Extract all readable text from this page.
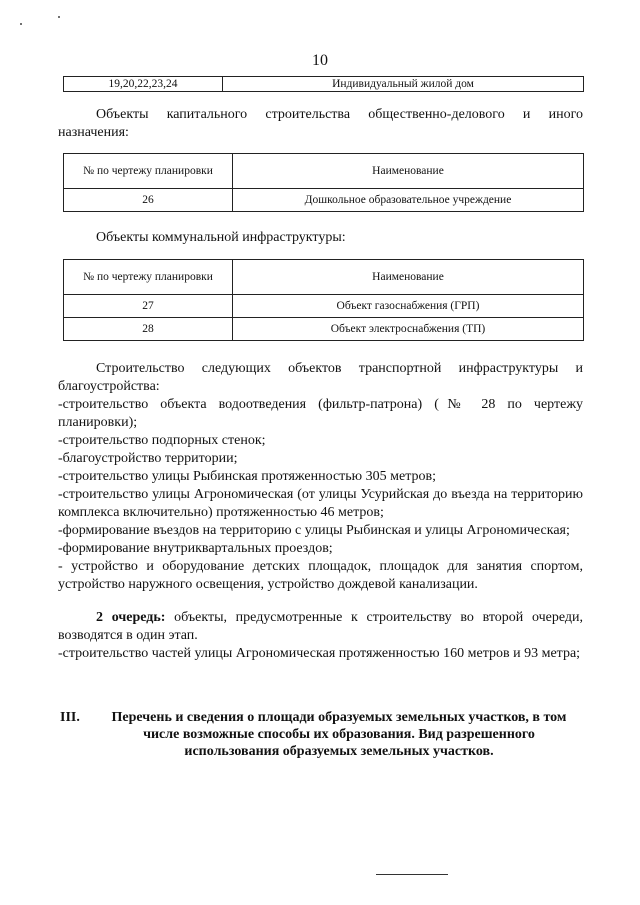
10
19,20,22,23,24	Индивидуальный жилой дом
Объекты капитального строительства общественно-делового и иного назначения:
№ по чертежу планировки	Наименование
26	Дошкольное образовательное учреждение
Объекты коммунальной инфраструктуры:
№ по чертежу планировки	Наименование
27	Объект газоснабжения (ГРП)
28	Объект электроснабжения (ТП)
Строительство следующих объектов транспортной инфраструктуры и благоустройства:
-строительство объекта водоотведения (фильтр-патрона) (№ 28 по чертежу планировки);
-строительство подпорных стенок;
-благоустройство территории;
-строительство улицы Рыбинская протяженностью 305 метров;
-строительство улицы Агрономическая (от улицы Усурийская до въезда на территорию комплекса включительно) протяженностью 46 метров;
-формирование въездов на территорию с улицы Рыбинская и улицы Агрономическая;
-формирование внутриквартальных проездов;
- устройство и оборудование детских площадок, площадок для занятия спортом, устройство наружного освещения, устройство дождевой канализации.
2 очередь: объекты, предусмотренные к строительству во второй очереди, возводятся в один этап.
-строительство частей улицы Агрономическая протяженностью 160 метров и 93 метра;
III.	Перечень и сведения о площади образуемых земельных участков, в том числе возможные способы их образования. Вид разрешенного использования образуемых земельных участков.
